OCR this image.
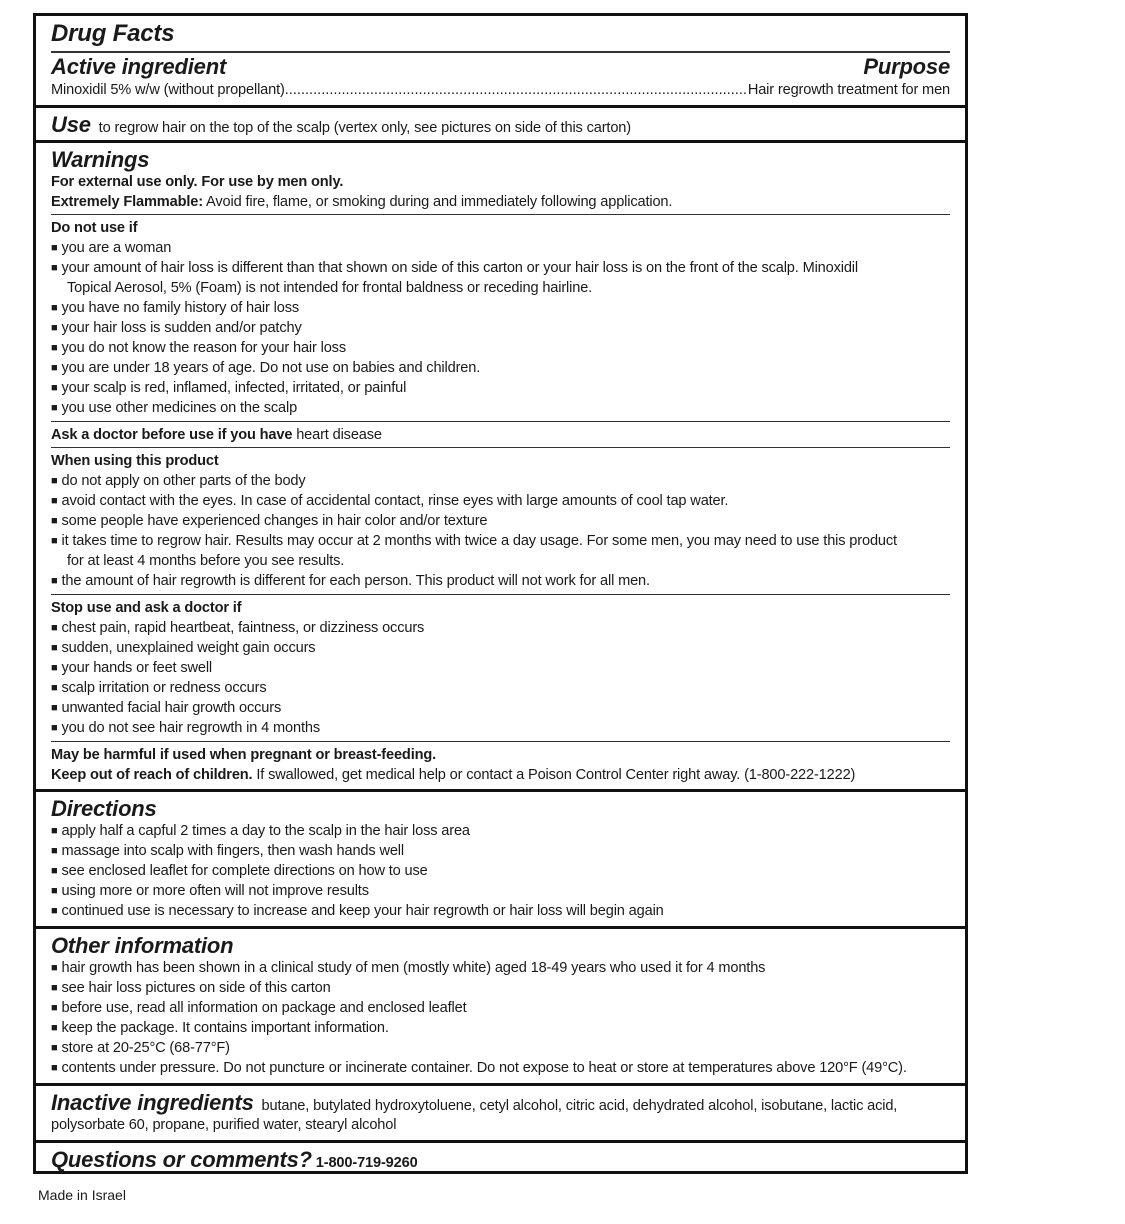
Drug Facts
Active ingredient	Purpose
Minoxidil 5% w/w (without propellant)
.....	Hair regrowth treatment for men
Use to regrow hair on the top of the scalp (vertex only, see pictures on side of this carton)
Warnings
For external use only. For use by men only.
Extremely Flammable: Avoid fire, flame, or smoking during and immediately following application.
Do not use if
■ you are a woman
■ your amount of hair loss is different than that shown on side of this carton or your hair loss is on the front of the scalp. Minoxidil
Topical Aerosol, 5% (Foam) is not intended for frontal baldness or receding hairline.
■ you have no family history of hair loss
■ your hair loss is sudden and/or patchy
■ you do not know the reason for your hair loss
■ you are under 18 years of age. Do not use on babies and children.
■ your scalp is red, inflamed, infected, irritated, or painful
■ you use other medicines on the scalp
Ask a doctor before use if you have heart disease
When using this product
■ do not apply on other parts of the body
■ avoid contact with the eyes. In case of accidental contact, rinse eyes with large amounts of cool tap water.
■ some people have experienced changes in hair color and/or texture
■ it takes time to regrow hair. Results may occur at 2 months with twice a day usage. For some men, you may need to use this product
for at least 4 months before you see results.
■ the amount of hair regrowth is different for each person. This product will not work for all men.
Stop use and ask a doctor if
■ chest pain, rapid heartbeat, faintness, or dizziness occurs
■ sudden, unexplained weight gain occurs
■ your hands or feet swell
■ scalp irritation or redness occurs
■ unwanted facial hair growth occurs
■ you do not see hair regrowth in 4 months
May be harmful if used when pregnant or breast-feeding.
Keep out of reach of children. If swallowed, get medical help or contact a Poison Control Center right away. (1-800-222-1222)
Directions
■ apply half a capful 2 times a day to the scalp in the hair loss area
■ massage into scalp with fingers, then wash hands well
■ see enclosed leaflet for complete directions on how to use
■ using more or more often will not improve results
■ continued use is necessary to increase and keep your hair regrowth or hair loss will begin again
Other information
■ hair growth has been shown in a clinical study of men (mostly white) aged 18-49 years who used it for 4 months
■ see hair loss pictures on side of this carton
■ before use, read all information on package and enclosed leaflet
■ keep the package. It contains important information.
■ store at 20-25°C (68-77°F)
■ contents under pressure. Do not puncture or incinerate container. Do not expose to heat or store at temperatures above 120°F (49°C).
Inactive ingredients butane, butylated hydroxytoluene, cetyl alcohol, citric acid, dehydrated alcohol, isobutane, lactic acid,
polysorbate 60, propane, purified water, stearyl alcohol
Questions or comments? 1-800-719-9260
Made in Israel
